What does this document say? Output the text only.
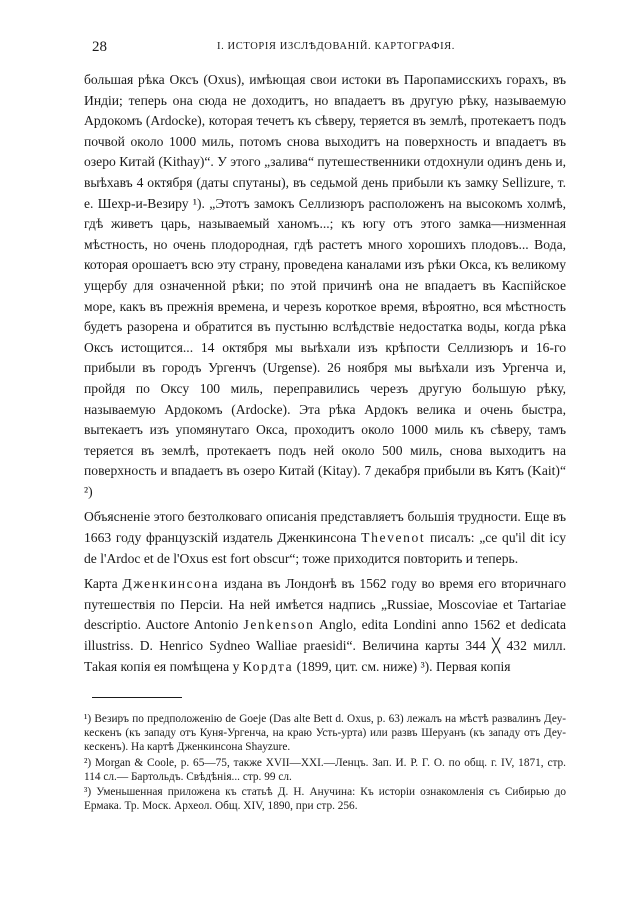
28	I. ИСТОРІЯ ИЗСЛѢДОВАНІЙ. КАРТОГРАФІЯ.

большая рѣка Оксъ (Oxus), имѣющая свои истоки въ Паропамисскихъ горахъ, въ Индіи; теперь она сюда не доходитъ, но впадаетъ въ другую рѣку, называемую Ардокомъ (Ardocke), которая течетъ къ сѣверу, теряется въ землѣ, протекаетъ подъ почвой около 1000 миль, потомъ снова выходитъ на поверхность и впадаетъ въ озеро Китай (Kithay)“. У этого „залива“ путешественники отдохнули одинъ день и, выѣхавъ 4 октября (даты спутаны), въ седьмой день прибыли къ замку Sellizure, т. е. Шехр-и-Везиру ¹). „Этотъ замокъ Селлизюръ расположенъ на высокомъ холмѣ, гдѣ живетъ царь, называемый ханомъ...; къ югу отъ этого замка—низменная мѣстность, но очень плодородная, гдѣ растетъ много хорошихъ плодовъ... Вода, которая орошаетъ всю эту страну, проведена каналами изъ рѣки Окса, къ великому ущербу для означенной рѣки; по этой причинѣ она не впадаетъ въ Каспійское море, какъ въ прежнія времена, и черезъ короткое время, вѣроятно, вся мѣстность будетъ разорена и обратится въ пустыню вслѣдствіе недостатка воды, когда рѣка Оксъ истощится... 14 октября мы выѣхали изъ крѣпости Селлизюръ и 16-го прибыли въ городъ Ургенчъ (Urgense). 26 ноября мы выѣхали изъ Ургенча и, пройдя по Оксу 100 миль, переправились черезъ другую большую рѣку, называемую Ардокомъ (Ardocke). Эта рѣка Ардокъ велика и очень быстра, вытекаетъ изъ упомянутаго Окса, проходитъ около 1000 миль къ сѣверу, тамъ теряется въ землѣ, протекаетъ подъ ней около 500 миль, снова выходитъ на поверхность и впадаетъ въ озеро Китай (Kitay). 7 декабря прибыли въ Кятъ (Kait)“ ²)

Объясненіе этого безтолковаго описанія представляетъ большія трудности. Еще въ 1663 году французскій издатель Дженкинсона Thevenot писалъ: „ce qu'il dit icy de l'Ardoc et de l'Oxus est fort obscur“; тоже приходится повторить и теперь.

Карта Дженкинсона издана въ Лондонѣ въ 1562 году во время его вторичнаго путешествія по Персіи. На ней имѣется надпись „Russiae, Moscoviae et Tartariae descriptio. Auctore Antonio Jenkenson Anglo, edita Londini anno 1562 et dedicata illustriss. D. Henrico Sydneo Walliae praesidi“. Величина карты 344 ╳ 432 милл. Таkая копія ея помѣщена у Кордта (1899, цит. см. ниже) ³). Первая копія

¹) Везиръ по предположенію de Goeje (Das alte Bett d. Oxus, p. 63) лежалъ на мѣстѣ развалинъ Деу-кескенъ (къ западу отъ Куня-Ургенча, на краю Усть-урта) или развъ Шерyанъ (къ западу отъ Деу-кескенъ). На картѣ Дженкинсона Shayzure.

²) Morgan & Coole, p. 65—75, также XVII—XXI.—Ленцъ. Зап. И. Р. Г. О. по общ. г. IV, 1871, стр. 114 сл.— Бартольдъ. Свѣдѣнія... стр. 99 сл.

³) Уменьшенная приложена къ статьѣ Д. Н. Анучина: Къ исторіи ознакомленія съ Сибирью до Ермака. Тр. Моск. Археол. Общ. XIV, 1890, при стр. 256.
